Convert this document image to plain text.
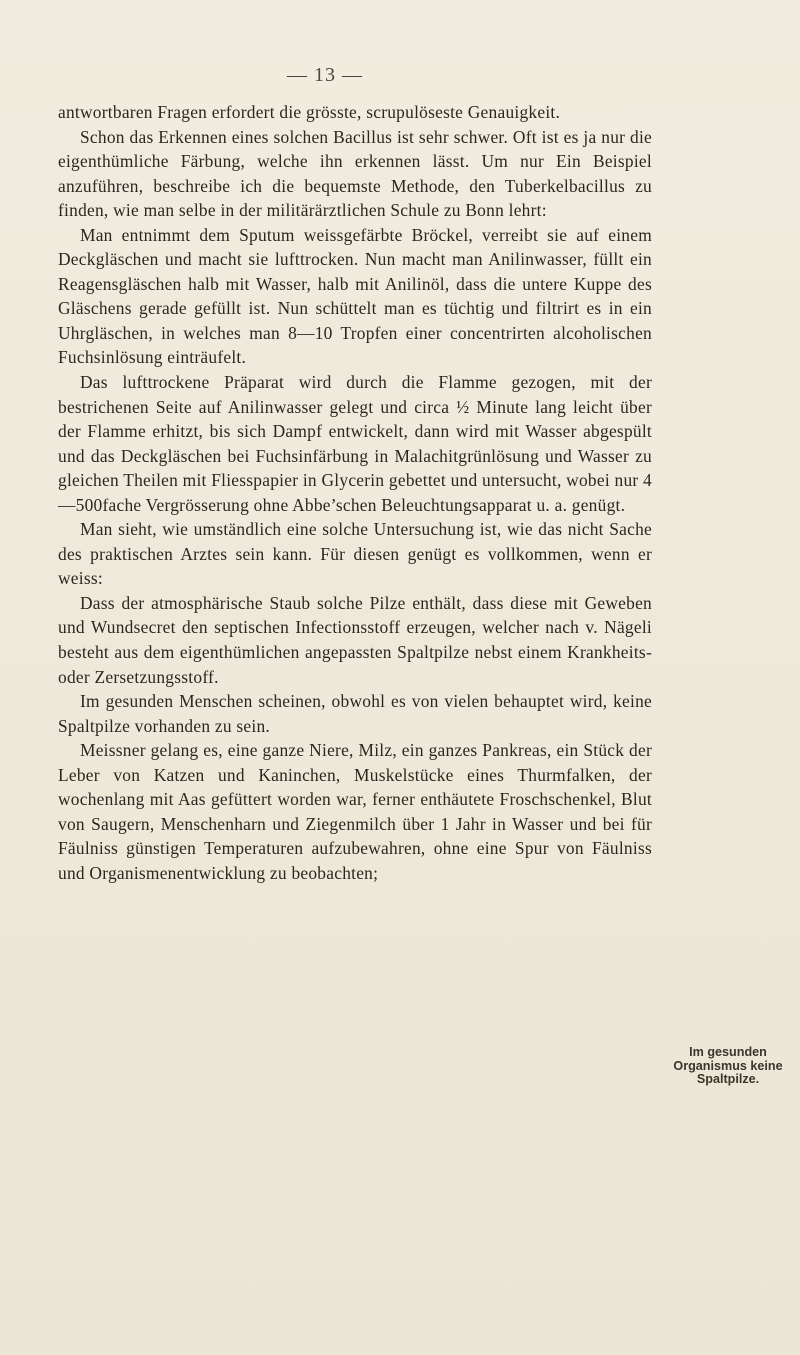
— 13 —

antwortbaren Fragen erfordert die grösste, scrupulöseste Genauigkeit.

Schon das Erkennen eines solchen Bacillus ist sehr schwer. Oft ist es ja nur die eigenthümliche Färbung, welche ihn erkennen lässt. Um nur Ein Beispiel anzuführen, beschreibe ich die bequemste Methode, den Tuberkelbacillus zu finden, wie man selbe in der militärärztlichen Schule zu Bonn lehrt:

Man entnimmt dem Sputum weissgefärbte Bröckel, verreibt sie auf einem Deckgläschen und macht sie lufttrocken. Nun macht man Anilinwasser, füllt ein Reagensgläschen halb mit Wasser, halb mit Anilinöl, dass die untere Kuppe des Gläschens gerade gefüllt ist. Nun schüttelt man es tüchtig und filtrirt es in ein Uhrgläschen, in welches man 8—10 Tropfen einer concentrirten alcoholischen Fuchsinlösung einträufelt.

Das lufttrockene Präparat wird durch die Flamme gezogen, mit der bestrichenen Seite auf Anilinwasser gelegt und circa ½ Minute lang leicht über der Flamme erhitzt, bis sich Dampf entwickelt, dann wird mit Wasser abgespült und das Deckgläschen bei Fuchsinfärbung in Malachitgrünlösung und Wasser zu gleichen Theilen mit Fliesspapier in Glycerin gebettet und untersucht, wobei nur 4—500fache Vergrösserung ohne Abbe’schen Beleuchtungsapparat u. a. genügt.

Man sieht, wie umständlich eine solche Untersuchung ist, wie das nicht Sache des praktischen Arztes sein kann. Für diesen genügt es vollkommen, wenn er weiss:

Dass der atmosphärische Staub solche Pilze enthält, dass diese mit Geweben und Wundsecret den septischen Infectionsstoff erzeugen, welcher nach v. Nägeli besteht aus dem eigenthümlichen angepassten Spaltpilze nebst einem Krankheits- oder Zersetzungsstoff.

Im gesunden Menschen scheinen, obwohl es von vielen behauptet wird, keine Spaltpilze vorhanden zu sein.

Meissner gelang es, eine ganze Niere, Milz, ein ganzes Pankreas, ein Stück der Leber von Katzen und Kaninchen, Muskelstücke eines Thurmfalken, der wochenlang mit Aas gefüttert worden war, ferner enthäutete Froschschenkel, Blut von Saugern, Menschenharn und Ziegenmilch über 1 Jahr in Wasser und bei für Fäulniss günstigen Temperaturen aufzubewahren, ohne eine Spur von Fäulniss und Organismenentwicklung zu beobachten;

Im gesunden Organismus keine Spaltpilze.
